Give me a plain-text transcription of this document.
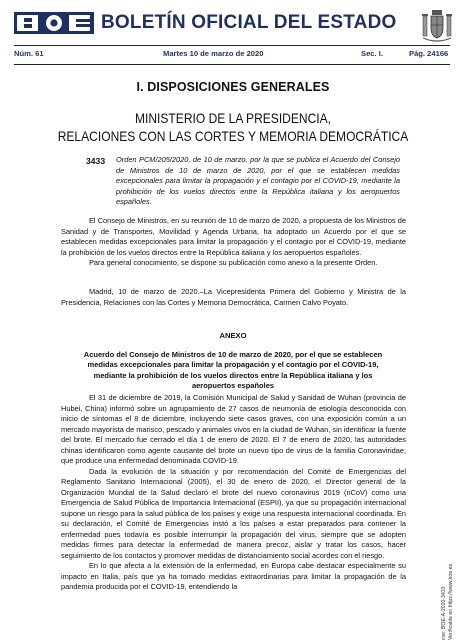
BOLETÍN OFICIAL DEL ESTADO
Núm. 61	Martes 10 de marzo de 2020	Sec. I.	Pág. 24166
I. DISPOSICIONES GENERALES
MINISTERIO DE LA PRESIDENCIA,
RELACIONES CON LAS CORTES Y MEMORIA DEMOCRÁTICA
3433 Orden PCM/205/2020, de 10 de marzo, por la que se publica el Acuerdo del Consejo de Ministros de 10 de marzo de 2020, por el que se establecen medidas excepcionales para limitar la propagación y el contagio por el COVID-19, mediante la prohibición de los vuelos directos entre la República italiana y los aeropuertos españoles.

El Consejo de Ministros, en su reunión de 10 de marzo de 2020, a propuesta de los Ministros de Sanidad y de Transportes, Movilidad y Agenda Urbana, ha adoptado un Acuerdo por el que se establecen medidas excepcionales para limitar la propagación y el contagio por el COVID-19, mediante la prohibición de los vuelos directos entre la República italiana y los aeropuertos españoles.

Para general conocimiento, se dispone su publicación como anexo a la presente Orden.

Madrid, 10 de marzo de 2020.–La Vicepresidenta Primera del Gobierno y Ministra de la Presidencia, Relaciones con las Cortes y Memoria Democrática, Carmen Calvo Poyato.

ANEXO
Acuerdo del Consejo de Ministros de 10 de marzo de 2020, por el que se establecen medidas excepcionales para limitar la propagación y el contagio por el COVID-19, mediante la prohibición de los vuelos directos entre la República italiana y los aeropuertos españoles

El 31 de diciembre de 2019, la Comisión Municipal de Salud y Sanidad de Wuhan (provincia de Hubei, China) informó sobre un agrupamiento de 27 casos de neumonía de etiología desconocida con inicio de síntomas el 8 de diciembre, incluyendo siete casos graves, con una exposición común a un mercado mayorista de marisco, pescado y animales vivos en la ciudad de Wuhan, sin identificar la fuente del brote. El mercado fue cerrado el día 1 de enero de 2020. El 7 de enero de 2020, las autoridades chinas identificaron como agente causante del brote un nuevo tipo de virus de la familia Coronaviridae, que produce una enfermedad denominada COVID-19.

Dada la evolución de la situación y por recomendación del Comité de Emergencias del Reglamento Sanitario Internacional (2005), el 30 de enero de 2020, el Director general de la Organización Mundial de la Salud declaró el brote del nuevo coronavirus 2019 (nCoV) como una Emergencia de Salud Pública de Importancia Internacional (ESPII), ya que su propagación internacional supone un riesgo para la salud pública de los países y exige una respuesta internacional coordinada. En su declaración, el Comité de Emergencias instó a los países a estar preparados para contener la enfermedad pues todavía es posible interrumpir la propagación del virus, siempre que se adopten medidas firmes para detectar la enfermedad de manera precoz, aislar y tratar los casos, hacer seguimiento de los contactos y promover medidas de distanciamiento social acordes con el riesgo.

En lo que afecta a la extensión de la enfermedad, en Europa cabe destacar especialmente su impacto en Italia, país que ya ha tomado medidas extraordinarias para limitar la propagación de la pandemia producida por el COVID-19, entendiendo la	cve: BOE-A-2020-3433 Verificable en https://www.boe.es
